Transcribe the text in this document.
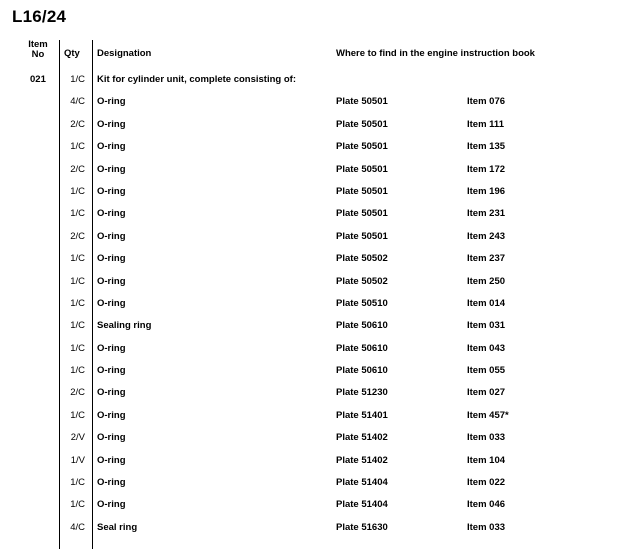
L16/24
Item
No	Qty Designation	Where to find in the engine instruction book
021	1/C Kit for cylinder unit, complete consisting of:
4/C O-ring	Plate 50501	Item 076
2/C O-ring	Plate 50501	Item 111
1/C O-ring	Plate 50501	Item 135
2/C O-ring	Plate 50501	Item 172
1/C O-ring	Plate 50501	Item 196
1/C O-ring	Plate 50501	Item 231
2/C O-ring	Plate 50501	Item 243
1/C O-ring	Plate 50502	Item 237
1/C O-ring	Plate 50502	Item 250
1/C O-ring	Plate 50510	Item 014
1/C Sealing ring	Plate 50610	Item 031
1/C O-ring	Plate 50610	Item 043
1/C O-ring	Plate 50610	Item 055
2/C O-ring	Plate 51230	Item 027
1/C O-ring	Plate 51401	Item 457*
2/V O-ring	Plate 51402	Item 033
1/V O-ring	Plate 51402	Item 104
1/C O-ring	Plate 51404	Item 022
1/C O-ring	Plate 51404	Item 046
4/C Seal ring	Plate 51630	Item 033
